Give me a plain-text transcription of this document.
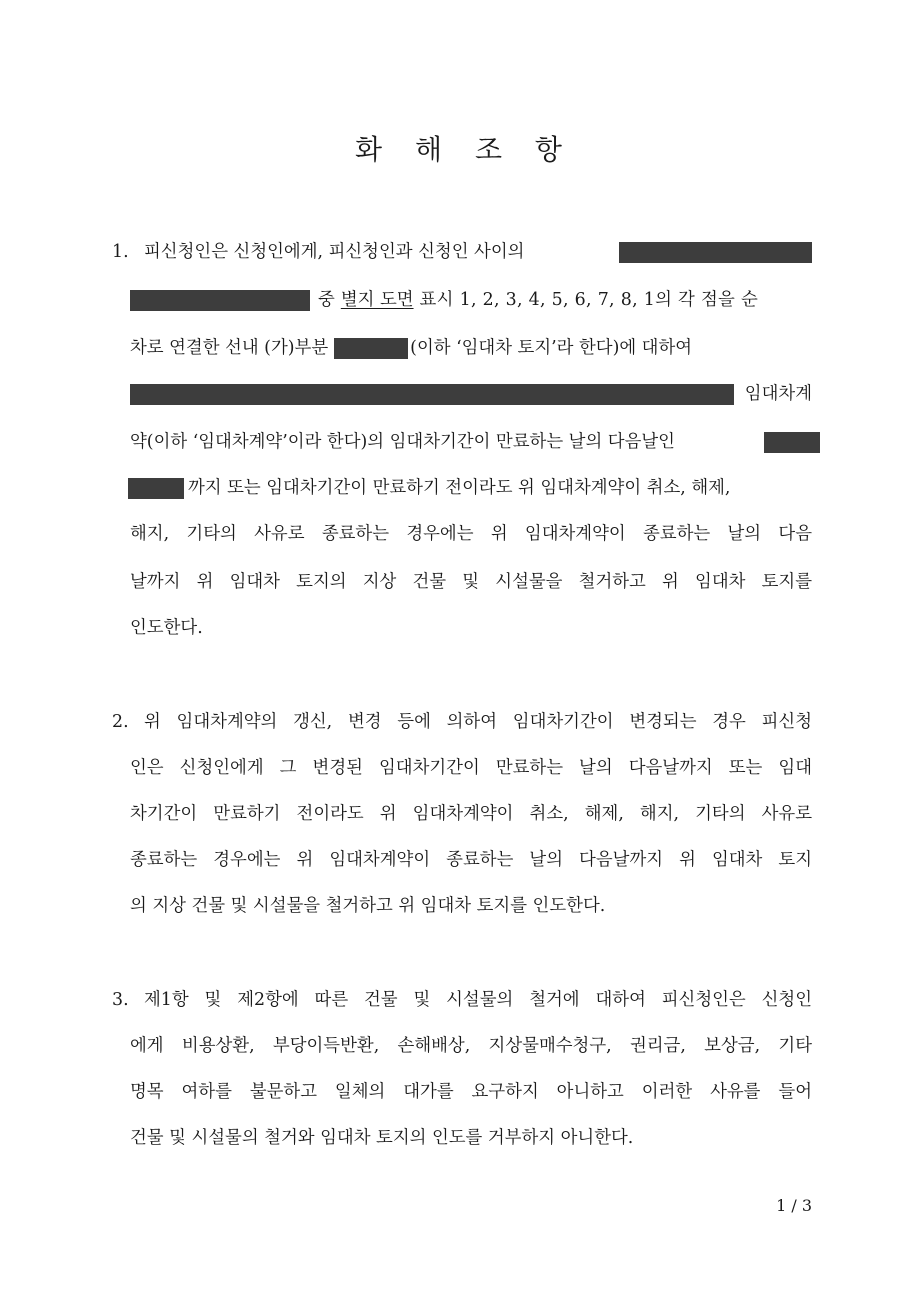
화 해 조 항
1. 피신청인은 신청인에게, 피신청인과 신청인 사이의
중 별지 도면 표시 1, 2, 3, 4, 5, 6, 7, 8, 1의 각 점을 순
차로 연결한 선내 (가)부분	(이하 ‘임대차 토지’라 한다)에 대하여
임대차계
약(이하 ‘임대차계약’이라 한다)의 임대차기간이 만료하는 날의 다음날인
까지 또는 임대차기간이 만료하기 전이라도 위 임대차계약이 취소, 해제,
해지, 기타의 사유로 종료하는 경우에는 위 임대차계약이 종료하는 날의 다음
날까지 위 임대차 토지의 지상 건물 및 시설물을 철거하고 위 임대차 토지를
인도한다.
2. 위 임대차계약의 갱신, 변경 등에 의하여 임대차기간이 변경되는 경우 피신청
인은 신청인에게 그 변경된 임대차기간이 만료하는 날의 다음날까지 또는 임대
차기간이 만료하기 전이라도 위 임대차계약이 취소, 해제, 해지, 기타의 사유로
종료하는 경우에는 위 임대차계약이 종료하는 날의 다음날까지 위 임대차 토지
의 지상 건물 및 시설물을 철거하고 위 임대차 토지를 인도한다.
3. 제1항 및 제2항에 따른 건물 및 시설물의 철거에 대하여 피신청인은 신청인
에게 비용상환, 부당이득반환, 손해배상, 지상물매수청구, 권리금, 보상금, 기타
명목 여하를 불문하고 일체의 대가를 요구하지 아니하고 이러한 사유를 들어
건물 및 시설물의 철거와 임대차 토지의 인도를 거부하지 아니한다.
1 / 3
